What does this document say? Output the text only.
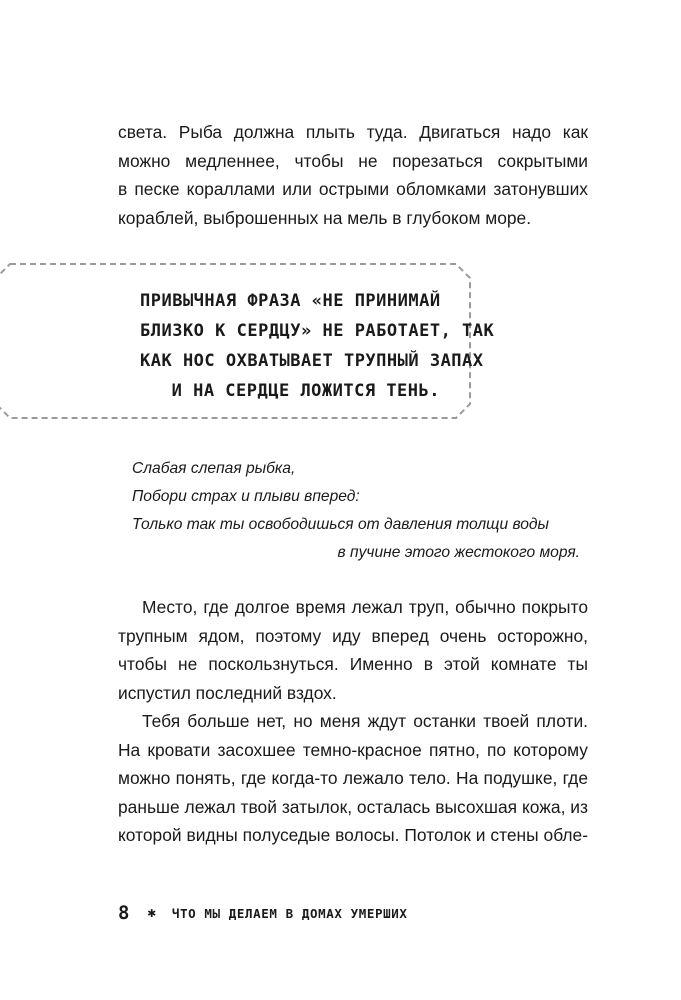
света. Рыба должна плыть туда. Двигаться надо как
можно медленнее, чтобы не порезаться сокрытыми
в песке кораллами или острыми обломками затонувших
кораблей, выброшенных на мель в глубоком море.
ПРИВЫЧНАЯ ФРАЗА «НЕ ПРИНИМАЙ
БЛИЗКО К СЕРДЦУ» НЕ РАБОТАЕТ, ТАК
КАК НОС ОХВАТЫВАЕТ ТРУПНЫЙ ЗАПАХ
И НА СЕРДЦЕ ЛОЖИТСЯ ТЕНЬ.
Слабая слепая рыбка,
Побори страх и плыви вперед:
Только так ты освободишься от давления толщи воды
в пучине этого жестокого моря.
Место, где долгое время лежал труп, обычно покрыто
трупным ядом, поэтому иду вперед очень осторожно,
чтобы не поскользнуться. Именно в этой комнате ты
испустил последний вздох.
Тебя больше нет, но меня ждут останки твоей плоти.
На кровати засохшее темно-красное пятно, по которому
можно понять, где когда-то лежало тело. На подушке, где
раньше лежал твой затылок, осталась высохшая кожа, из
которой видны полуседые волосы. Потолок и стены обле-
8 ✱ ЧТО МЫ ДЕЛАЕМ В ДОМАХ УМЕРШИХ
